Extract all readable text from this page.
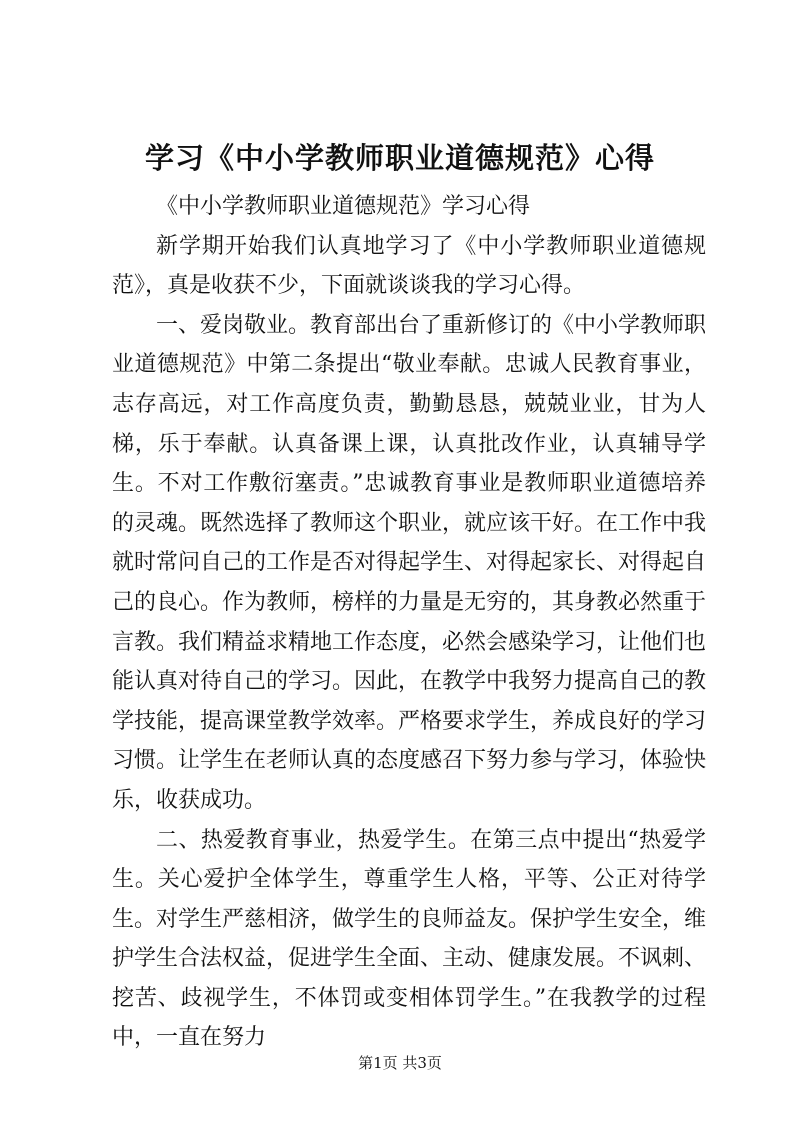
学习《中小学教师职业道德规范》心得

《中小学教师职业道德规范》学习心得

新学期开始我们认真地学习了《中小学教师职业道德规范》，真是收获不少，下面就谈谈我的学习心得。

一、爱岗敬业。教育部出台了重新修订的《中小学教师职业道德规范》中第二条提出“敬业奉献。忠诚人民教育事业，志存高远，对工作高度负责，勤勤恳恳，兢兢业业，甘为人梯，乐于奉献。认真备课上课，认真批改作业，认真辅导学生。不对工作敷衍塞责。”忠诚教育事业是教师职业道德培养的灵魂。既然选择了教师这个职业，就应该干好。在工作中我就时常问自己的工作是否对得起学生、对得起家长、对得起自己的良心。作为教师，榜样的力量是无穷的，其身教必然重于言教。我们精益求精地工作态度，必然会感染学习，让他们也能认真对待自己的学习。因此，在教学中我努力提高自己的教学技能，提高课堂教学效率。严格要求学生，养成良好的学习习惯。让学生在老师认真的态度感召下努力参与学习，体验快乐，收获成功。

二、热爱教育事业，热爱学生。在第三点中提出“热爱学生。关心爱护全体学生，尊重学生人格，平等、公正对待学生。对学生严慈相济，做学生的良师益友。保护学生安全，维护学生合法权益，促进学生全面、主动、健康发展。不讽刺、挖苦、歧视学生，不体罚或变相体罚学生。”在我教学的过程中，一直在努力

第1页 共3页
